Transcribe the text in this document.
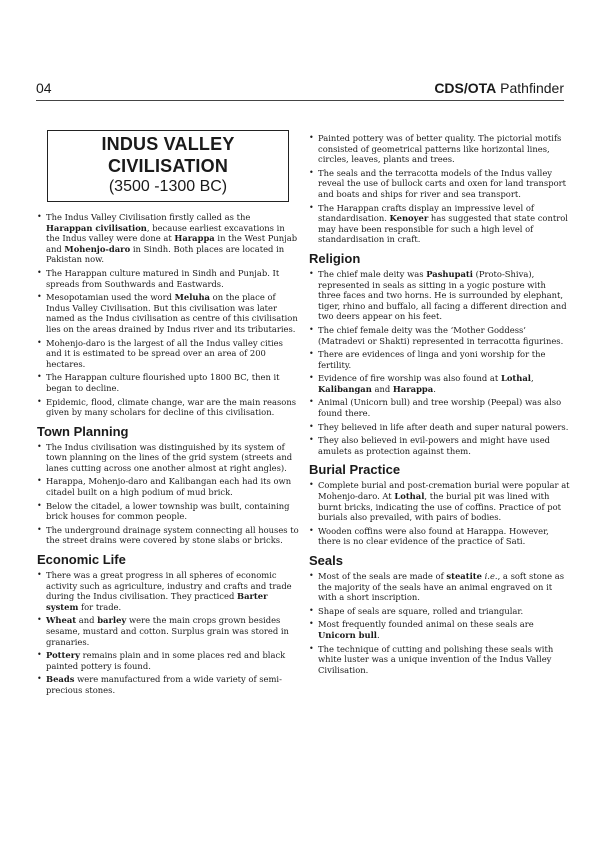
04	CDS/OTA Pathfinder
INDUS VALLEY CIVILISATION
(3500 -1300 BC)
• The Indus Valley Civilisation firstly called as the Harappan civilisation, because earliest excavations in the Indus valley were done at Harappa in the West Punjab and Mohenjo-daro in Sindh. Both places are located in Pakistan now.
• The Harappan culture matured in Sindh and Punjab. It spreads from Southwards and Eastwards.
• Mesopotamian used the word Meluha on the place of Indus Valley Civilisation. But this civilisation was later named as the Indus civilisation as centre of this civilisation lies on the areas drained by Indus river and its tributaries.
• Mohenjo-daro is the largest of all the Indus valley cities and it is estimated to be spread over an area of 200 hectares.
• The Harappan culture flourished upto 1800 BC, then it began to decline.
• Epidemic, flood, climate change, war are the main reasons given by many scholars for decline of this civilisation.
Town Planning
• The Indus civilisation was distinguished by its system of town planning on the lines of the grid system (streets and lanes cutting across one another almost at right angles).
• Harappa, Mohenjo-daro and Kalibangan each had its own citadel built on a high podium of mud brick.
• Below the citadel, a lower township was built, containing brick houses for common people.
• The underground drainage system connecting all houses to the street drains were covered by stone slabs or bricks.
Economic Life
• There was a great progress in all spheres of economic activity such as agriculture, industry and crafts and trade during the Indus civilisation. They practiced Barter system for trade.
• Wheat and barley were the main crops grown besides sesame, mustard and cotton. Surplus grain was stored in granaries.
• Pottery remains plain and in some places red and black painted pottery is found.
• Beads were manufactured from a wide variety of semi-precious stones.
• Painted pottery was of better quality. The pictorial motifs consisted of geometrical patterns like horizontal lines, circles, leaves, plants and trees.
• The seals and the terracotta models of the Indus valley reveal the use of bullock carts and oxen for land transport and boats and ships for river and sea transport.
• The Harappan crafts display an impressive level of standardisation. Kenoyer has suggested that state control may have been responsible for such a high level of standardisation in craft.
Religion
• The chief male deity was Pashupati (Proto-Shiva), represented in seals as sitting in a yogic posture with three faces and two horns. He is surrounded by elephant, tiger, rhino and buffalo, all facing a different direction and two deers appear on his feet.
• The chief female deity was the ‘Mother Goddess’ (Matradevi or Shakti) represented in terracotta figurines.
• There are evidences of linga and yoni worship for the fertility.
• Evidence of fire worship was also found at Lothal, Kalibangan and Harappa.
• Animal (Unicorn bull) and tree worship (Peepal) was also found there.
• They believed in life after death and super natural powers.
• They also believed in evil-powers and might have used amulets as protection against them.
Burial Practice
• Complete burial and post-cremation burial were popular at Mohenjo-daro. At Lothal, the burial pit was lined with burnt bricks, indicating the use of coffins. Practice of pot burials also prevailed, with pairs of bodies.
• Wooden coffins were also found at Harappa. However, there is no clear evidence of the practice of Sati.
Seals
• Most of the seals are made of steatite i.e., a soft stone as the majority of the seals have an animal engraved on it with a short inscription.
• Shape of seals are square, rolled and triangular.
• Most frequently founded animal on these seals are Unicorn bull.
• The technique of cutting and polishing these seals with white luster was a unique invention of the Indus Valley Civilisation.
